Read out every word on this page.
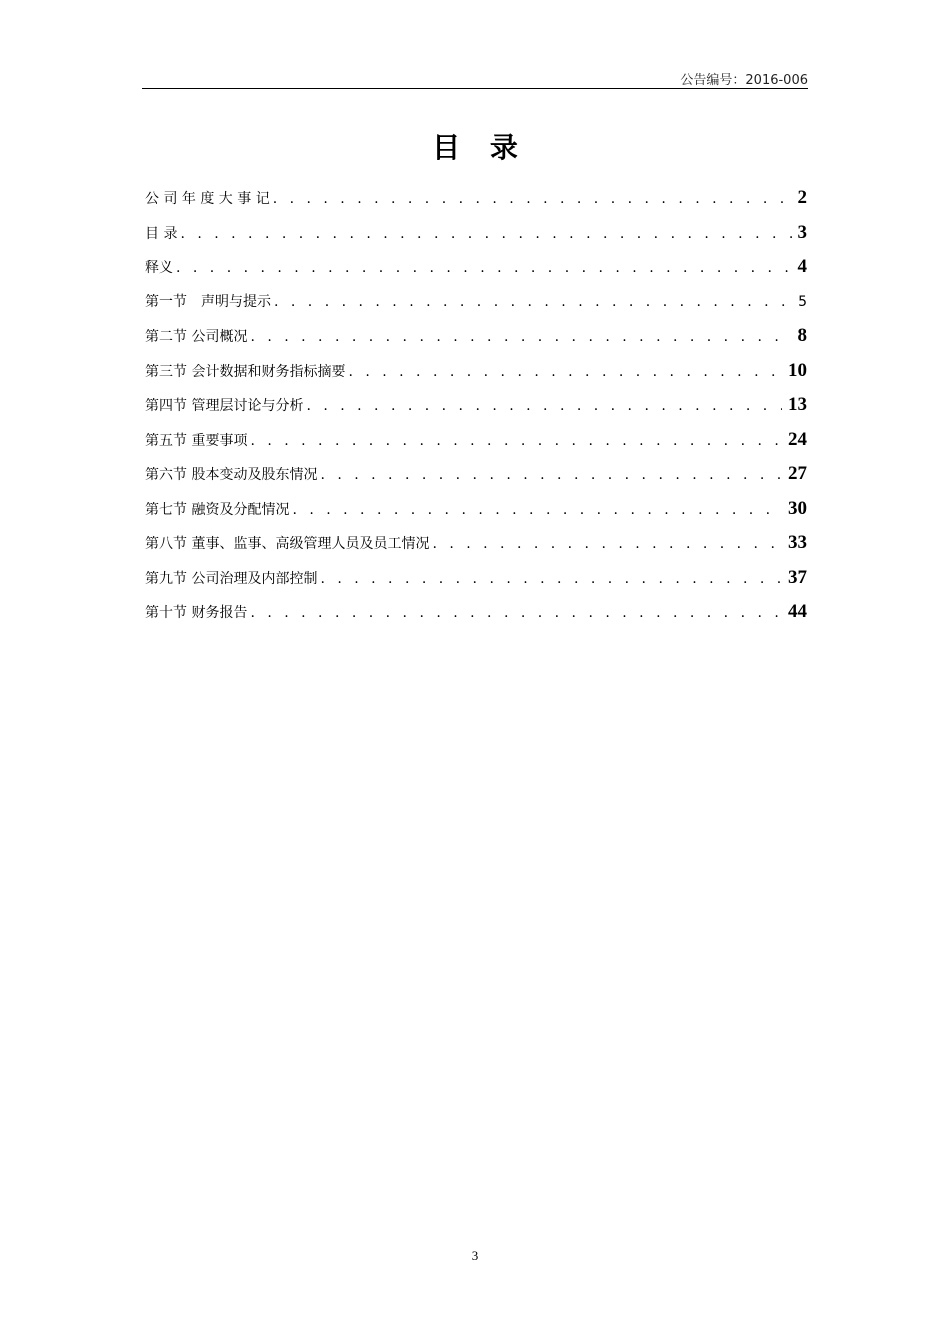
公告编号：2016-006
目 录
公 司 年 度 大 事 记 . . .	2
目 录 . . .	3
释义 . . .	4
第一节　声明与提示 . . .	5
第二节 公司概况 . . .	8
第三节 会计数据和财务指标摘要 . . .	10
第四节 管理层讨论与分析 . . .	13
第五节 重要事项 . . .	24
第六节 股本变动及股东情况 . . .	27
第七节 融资及分配情况 . . .	30
第八节 董事、监事、高级管理人员及员工情况 . . .	33
第九节 公司治理及内部控制 . . .	37
第十节 财务报告 . . .	44
3
